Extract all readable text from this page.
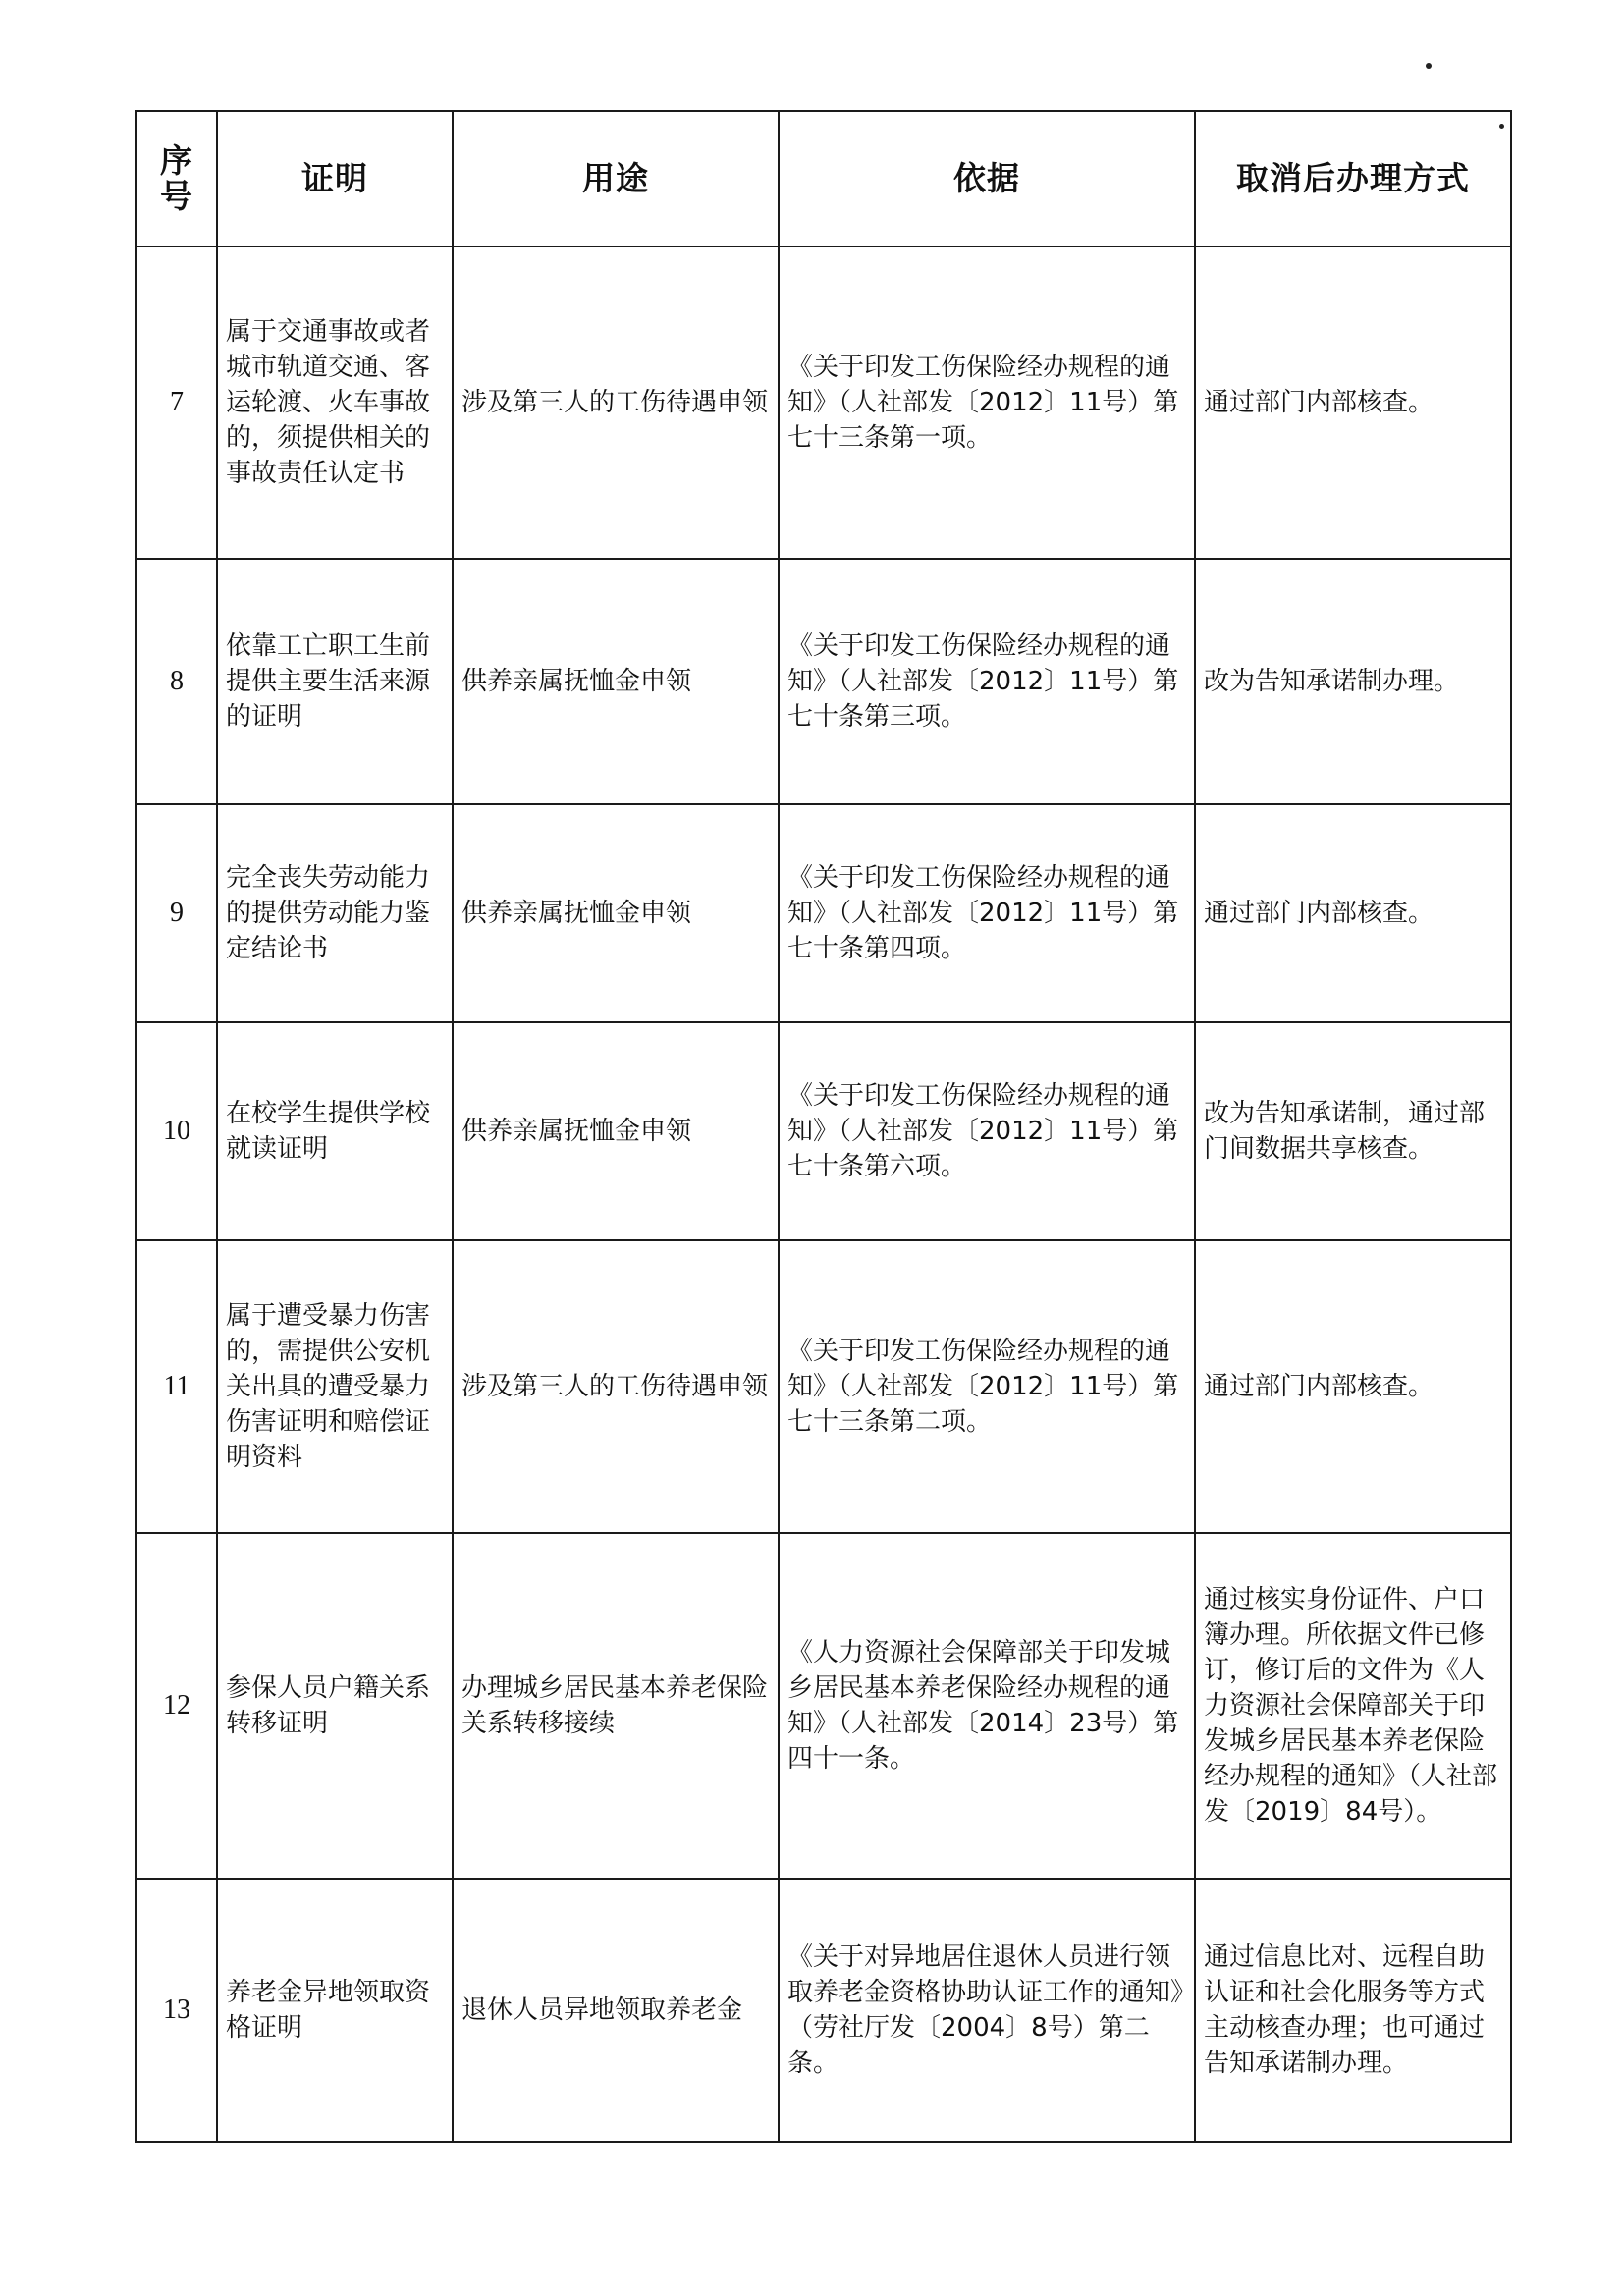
序号	证明	用途	依据	取消后办理方式
7	属于交通事故或者城市轨道交通、客运轮渡、火车事故的，须提供相关的事故责任认定书	涉及第三人的工伤待遇申领	《关于印发工伤保险经办规程的通知》（人社部发〔2012〕11号）第七十三条第一项。	通过部门内部核查。
8	依靠工亡职工生前提供主要生活来源的证明	供养亲属抚恤金申领	《关于印发工伤保险经办规程的通知》（人社部发〔2012〕11号）第七十条第三项。	改为告知承诺制办理。
9	完全丧失劳动能力的提供劳动能力鉴定结论书	供养亲属抚恤金申领	《关于印发工伤保险经办规程的通知》（人社部发〔2012〕11号）第七十条第四项。	通过部门内部核查。
10	在校学生提供学校就读证明	供养亲属抚恤金申领	《关于印发工伤保险经办规程的通知》（人社部发〔2012〕11号）第七十条第六项。	改为告知承诺制，通过部门间数据共享核查。
11	属于遭受暴力伤害的，需提供公安机关出具的遭受暴力伤害证明和赔偿证明资料	涉及第三人的工伤待遇申领	《关于印发工伤保险经办规程的通知》（人社部发〔2012〕11号）第七十三条第二项。	通过部门内部核查。
12	参保人员户籍关系转移证明	办理城乡居民基本养老保险关系转移接续	《人力资源社会保障部关于印发城乡居民基本养老保险经办规程的通知》（人社部发〔2014〕23号）第四十一条。	通过核实身份证件、户口簿办理。所依据文件已修订，修订后的文件为《人力资源社会保障部关于印发城乡居民基本养老保险经办规程的通知》（人社部发〔2019〕84号）。
13	养老金异地领取资格证明	退休人员异地领取养老金	《关于对异地居住退休人员进行领取养老金资格协助认证工作的通知》（劳社厅发〔2004〕8号）第二条。	通过信息比对、远程自助认证和社会化服务等方式主动核查办理；也可通过告知承诺制办理。
